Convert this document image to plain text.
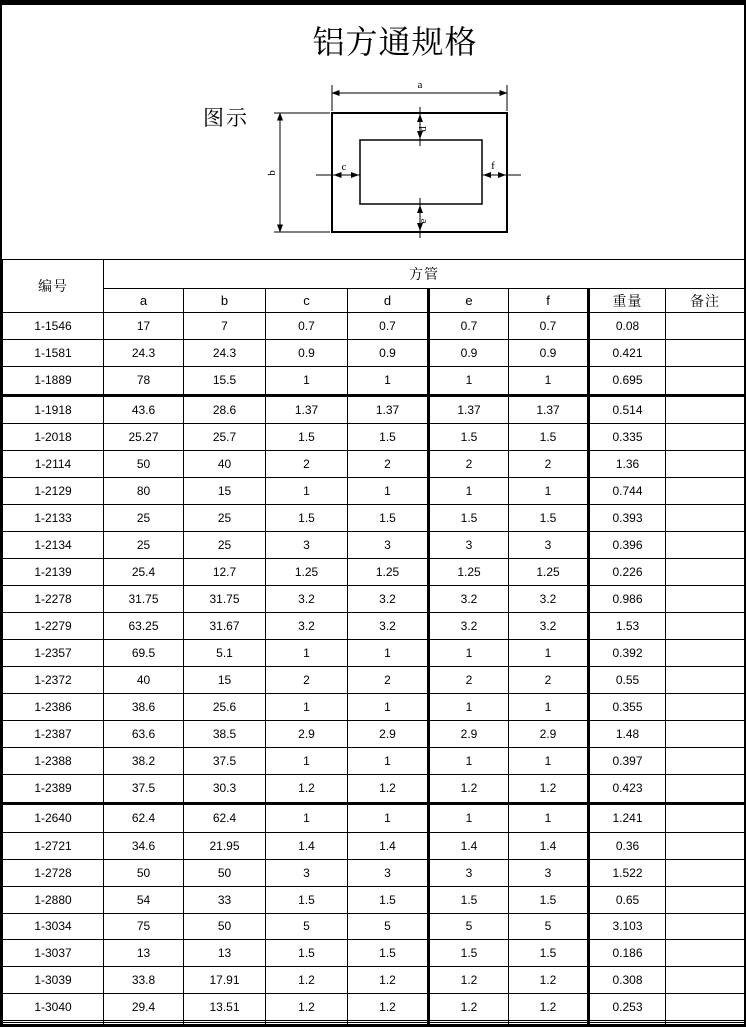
铝方通规格
图示
a
b
d
e
c	f
编号	方管							
	a	b	c	d	e	f	重量	备注
1-1546	17	7	0.7	0.7	0.7	0.7	0.08	
1-1581	24.3	24.3	0.9	0.9	0.9	0.9	0.421	
1-1889	78	15.5	1	1	1	1	0.695	
1-1918	43.6	28.6	1.37	1.37	1.37	1.37	0.514	
1-2018	25.27	25.7	1.5	1.5	1.5	1.5	0.335	
1-2114	50	40	2	2	2	2	1.36	
1-2129	80	15	1	1	1	1	0.744	
1-2133	25	25	1.5	1.5	1.5	1.5	0.393	
1-2134	25	25	3	3	3	3	0.396	
1-2139	25.4	12.7	1.25	1.25	1.25	1.25	0.226	
1-2278	31.75	31.75	3.2	3.2	3.2	3.2	0.986	
1-2279	63.25	31.67	3.2	3.2	3.2	3.2	1.53	
1-2357	69.5	5.1	1	1	1	1	0.392	
1-2372	40	15	2	2	2	2	0.55	
1-2386	38.6	25.6	1	1	1	1	0.355	
1-2387	63.6	38.5	2.9	2.9	2.9	2.9	1.48	
1-2388	38.2	37.5	1	1	1	1	0.397	
1-2389	37.5	30.3	1.2	1.2	1.2	1.2	0.423	
1-2640	62.4	62.4	1	1	1	1	1.241	
1-2721	34.6	21.95	1.4	1.4	1.4	1.4	0.36	
1-2728	50	50	3	3	3	3	1.522	
1-2880	54	33	1.5	1.5	1.5	1.5	0.65	
1-3034	75	50	5	5	5	5	3.103	
1-3037	13	13	1.5	1.5	1.5	1.5	0.186	
1-3039	33.8	17.91	1.2	1.2	1.2	1.2	0.308	
1-3040	29.4	13.51	1.2	1.2	1.2	1.2	0.253	
